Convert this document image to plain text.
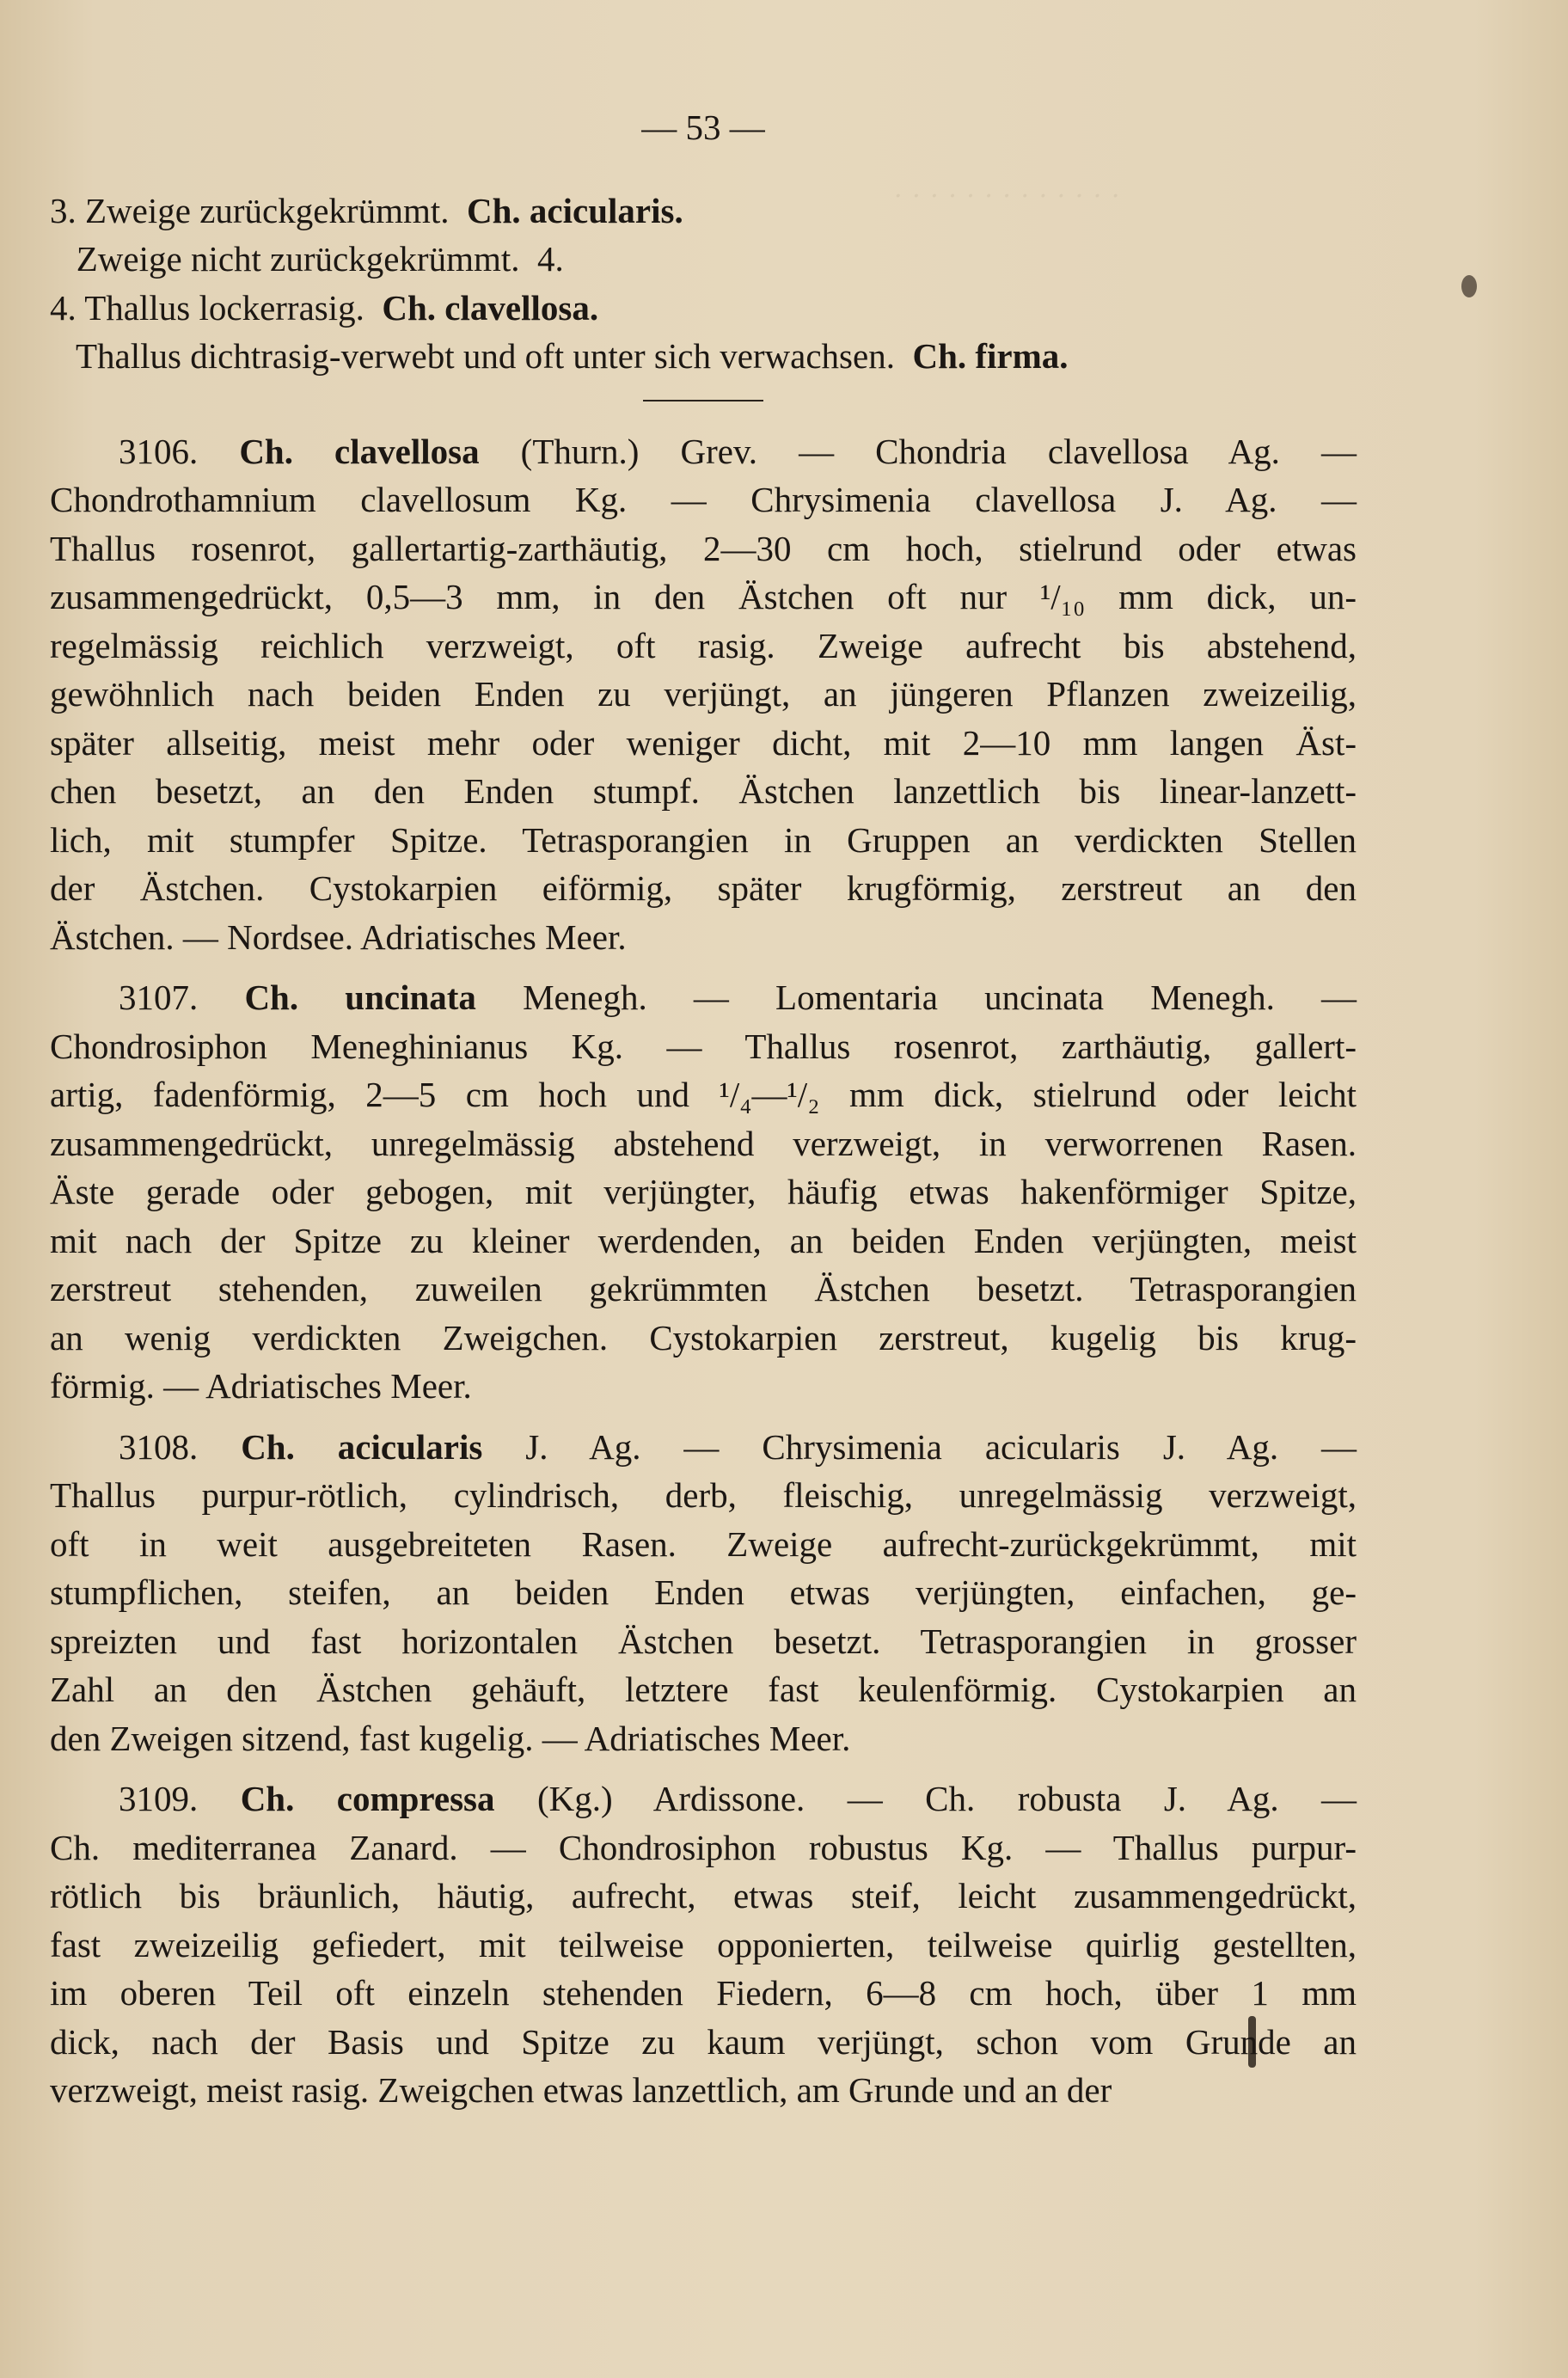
· · · · · · · · · · · · ·
— 53 —
3. Zweige zurückgekrümmt.  Ch. acicularis.
Zweige nicht zurückgekrümmt.  4.
4. Thallus lockerrasig.  Ch. clavellosa.
Thallus dichtrasig-verwebt und oft unter sich verwachsen.  Ch. firma.
3106. Ch. clavellosa (Thurn.) Grev. — Chondria clavellosa Ag. —
Chondrothamnium clavellosum Kg. — Chrysimenia clavellosa J. Ag. —
Thallus rosenrot, gallertartig-zarthäutig, 2—30 cm hoch, stielrund oder etwas
zusammengedrückt, 0,5—3 mm, in den Ästchen oft nur ¹/₁₀ mm dick, un-
regelmässig reichlich verzweigt, oft rasig. Zweige aufrecht bis abstehend,
gewöhnlich nach beiden Enden zu verjüngt, an jüngeren Pflanzen zweizeilig,
später allseitig, meist mehr oder weniger dicht, mit 2—10 mm langen Äst-
chen besetzt, an den Enden stumpf. Ästchen lanzettlich bis linear-lanzett-
lich, mit stumpfer Spitze. Tetrasporangien in Gruppen an verdickten Stellen
der Ästchen. Cystokarpien eiförmig, später krugförmig, zerstreut an den
Ästchen. — Nordsee. Adriatisches Meer.
3107. Ch. uncinata Menegh. — Lomentaria uncinata Menegh. —
Chondrosiphon Meneghinianus Kg. — Thallus rosenrot, zarthäutig, gallert-
artig, fadenförmig, 2—5 cm hoch und ¹/₄—¹/₂ mm dick, stielrund oder leicht
zusammengedrückt, unregelmässig abstehend verzweigt, in verworrenen Rasen.
Äste gerade oder gebogen, mit verjüngter, häufig etwas hakenförmiger Spitze,
mit nach der Spitze zu kleiner werdenden, an beiden Enden verjüngten, meist
zerstreut stehenden, zuweilen gekrümmten Ästchen besetzt. Tetrasporangien
an wenig verdickten Zweigchen. Cystokarpien zerstreut, kugelig bis krug-
förmig. — Adriatisches Meer.
3108. Ch. acicularis J. Ag. — Chrysimenia acicularis J. Ag. —
Thallus purpur-rötlich, cylindrisch, derb, fleischig, unregelmässig verzweigt,
oft in weit ausgebreiteten Rasen. Zweige aufrecht-zurückgekrümmt, mit
stumpflichen, steifen, an beiden Enden etwas verjüngten, einfachen, ge-
spreizten und fast horizontalen Ästchen besetzt. Tetrasporangien in grosser
Zahl an den Ästchen gehäuft, letztere fast keulenförmig. Cystokarpien an
den Zweigen sitzend, fast kugelig. — Adriatisches Meer.
3109. Ch. compressa (Kg.) Ardissone. — Ch. robusta J. Ag. —
Ch. mediterranea Zanard. — Chondrosiphon robustus Kg. — Thallus purpur-
rötlich bis bräunlich, häutig, aufrecht, etwas steif, leicht zusammengedrückt,
fast zweizeilig gefiedert, mit teilweise opponierten, teilweise quirlig gestellten,
im oberen Teil oft einzeln stehenden Fiedern, 6—8 cm hoch, über 1 mm
dick, nach der Basis und Spitze zu kaum verjüngt, schon vom Grunde an
verzweigt, meist rasig. Zweigchen etwas lanzettlich, am Grunde und an der
